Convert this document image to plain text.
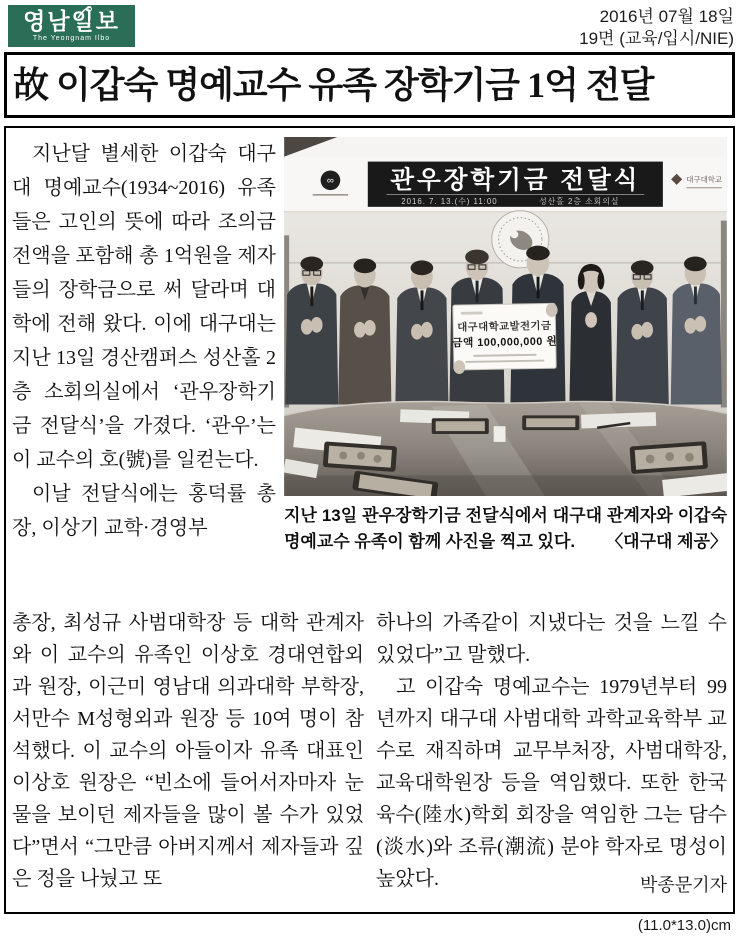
영남일보
The Yeongnam Ilbo
2016년 07월 18일
19면 (교육/입시/NIE)
故 이갑숙 명예교수 유족 장학기금 1억 전달

지난달 별세한 이갑숙 대구대 명예교수(1934~2016) 유족들은 고인의 뜻에 따라 조의금 전액을 포함해 총 1억원을 제자들의 장학금으로 써 달라며 대학에 전해 왔다. 이에 대구대는 지난 13일 경산캠퍼스 성산홀 2층 소회의실에서 ‘관우장학기금 전달식’을 가졌다. ‘관우’는 이 교수의 호(號)를 일컫는다.

이날 전달식에는 홍덕률 총장, 이상기 교학·경영부

관우장학기금 전달식
2016. 7. 13.(수) 11:00	성산홀 2층 소회의실
∞	대구대학교
대구대학교발전기금
금액 100,000,000 원
지난 13일 관우장학기금 전달식에서 대구대 관계자와 이갑숙 명예교수 유족이 함께 사진을 찍고 있다.	〈대구대 제공〉

총장, 최성규 사범대학장 등 대학 관계자와 이 교수의 유족인 이상호 경대연합외과 원장, 이근미 영남대 의과대학 부학장, 서만수 M성형외과 원장 등 10여 명이 참석했다. 이 교수의 아들이자 유족 대표인 이상호 원장은 “빈소에 들어서자마자 눈물을 보이던 제자들을 많이 볼 수가 있었다”면서 “그만큼 아버지께서 제자들과 깊은 정을 나눴고 또

하나의 가족같이 지냈다는 것을 느낄 수 있었다”고 말했다.

고 이갑숙 명예교수는 1979년부터 99년까지 대구대 사범대학 과학교육학부 교수로 재직하며 교무부처장, 사범대학장, 교육대학원장 등을 역임했다. 또한 한국육수(陸水)학회 회장을 역임한 그는 담수(淡水)와 조류(潮流) 분야 학자로 명성이 높았다.	박종문기자

(11.0*13.0)cm
